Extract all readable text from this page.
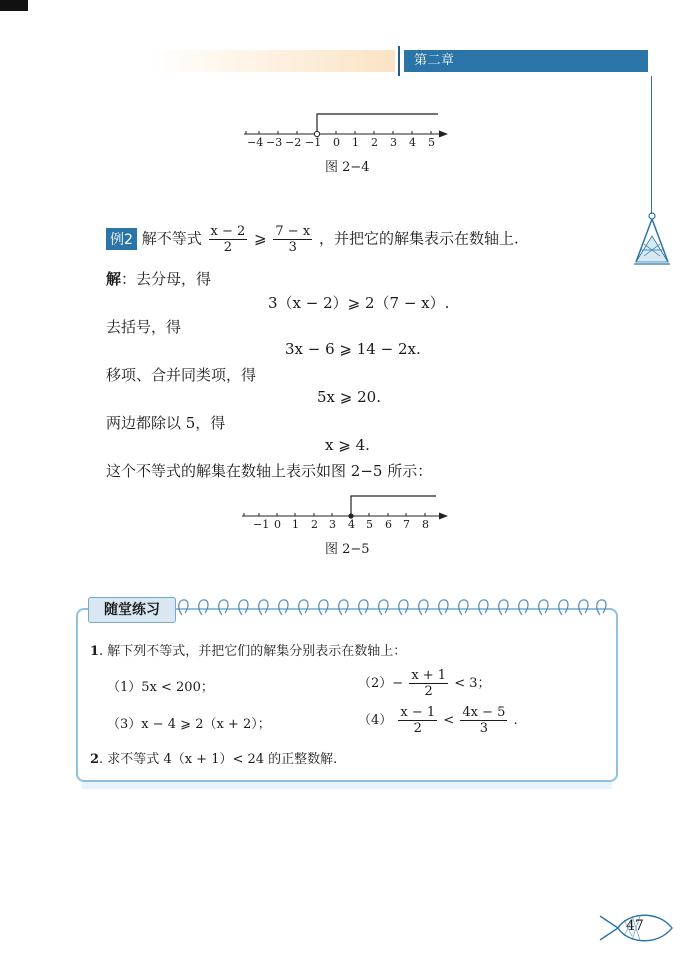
第二章 一元一次不等式与一元一次不等式组
−4 −3 −2 −1 0 1 2 3 4 5
图 2−4
例2 解不等式 $\frac{x - 2}{2}$ ⩾ $\frac{7 - x}{3}$ ，并把它的解集表示在数轴上.
解：去分母，得
3（x − 2）⩾ 2（7 − x）.
去括号，得
3x − 6 ⩾ 14 − 2x.
移项、合并同类项，得
5x ⩾ 20.
两边都除以 5，得
x ⩾ 4.
这个不等式的解集在数轴上表示如图 2−5 所示：
−1 0 1 2 3 4 5 6 7 8
图 2−5
随堂练习
1. 解下列不等式，并把它们的解集分别表示在数轴上：
（1）5x < 200；	$(2)- \frac{x + 1}{2} < 3$；
（3）x − 4 ⩾ 2（x + 2）；	$(4) \frac{x - 1}{2} < \frac{4x - 5}{3}$ .
2. 求不等式 4（x + 1）< 24 的正整数解.
47
